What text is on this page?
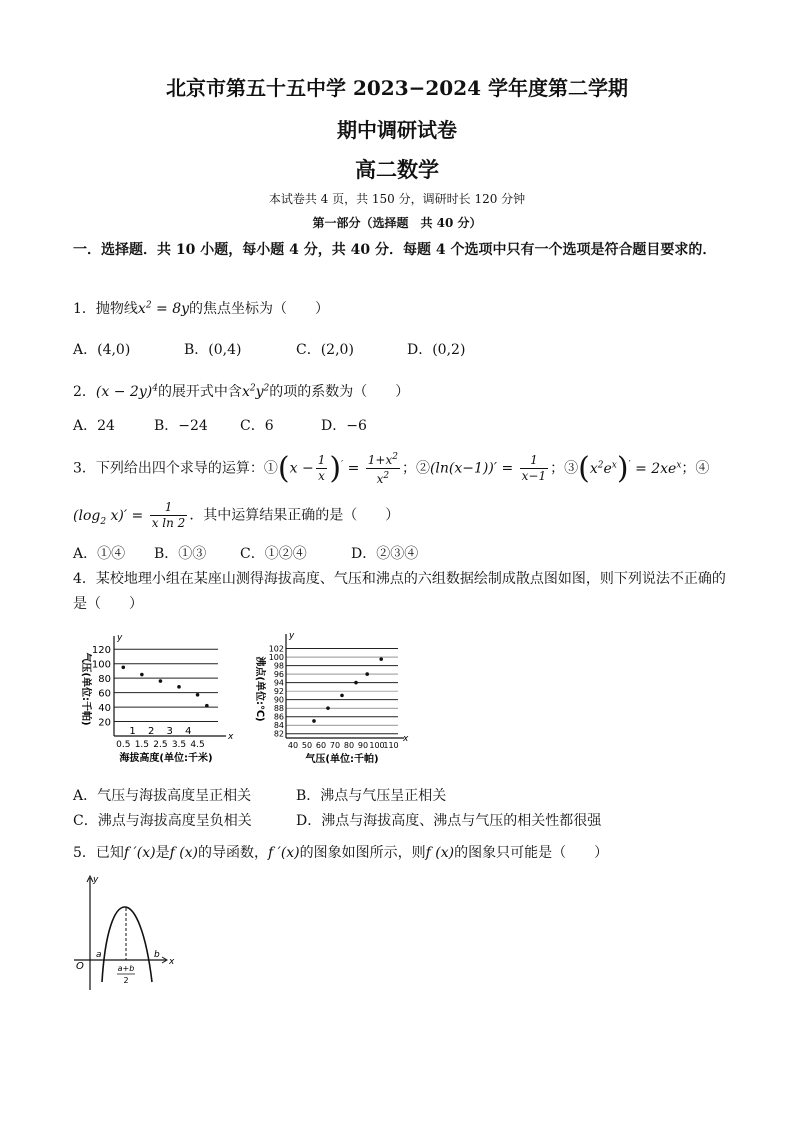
北京市第五十五中学 2023−2024 学年度第二学期
期中调研试卷
高二数学
本试卷共 4 页，共 150 分，调研时长 120 分钟
第一部分（选择题　共 40 分）
一．选择题．共 10 小题，每小题 4 分，共 40 分．每题 4 个选项中只有一个选项是符合题目要求的．
1．抛物线$x^2 = 8y$的焦点坐标为（　　）
A．(4,0)	B．(0,4)	C．(2,0)	D．(0,2)
2．$(x - 2y)^4$的展开式中含$x^2y^2$的项的系数为（　　）
A．24	B．−24 C．6	D．−6
3．下列给出四个求导的运算：①(x − $\frac{1}{x} )' = \frac{1+x^2}{x^2}$ ；②(ln(x−1))′ = $\frac{1}{x-1}$ ；$③(x^2e^x)' = 2xe^x$；④
($\log_2$ $x)' = \frac{1}{\text{x ln 2}}$ ．其中运算结果正确的是（　　）
A．①④ B．①③ C．①②④	D．②③④
4．某校地理小组在某座山测得海拔高度、气压和沸点的六组数据绘制成散点图如图，则下列说法不正确的
是（　　）
120
100
80
60
40
20
y
x
1 2 3 4
0.5 1.5 2.5 3.5 4.5
海拔高度(单位:千米)
气压(单位:千帕)
102
100
98
96
94
92
90
88
86
84
82
y
x
40 50 60 70 80 90 100
110
气压(单位:千帕)
沸点(单位:℃)
A．气压与海拔高度呈正相关	B．沸点与气压呈正相关
C．沸点与海拔高度呈负相关	D．沸点与海拔高度、沸点与气压的相关性都很强
5．已知f ′(x)是f (x)的导函数，f ′(x)的图象如图所示，则f (x)的图象只可能是（　　）
y
x
O
a	b
a+b
2
